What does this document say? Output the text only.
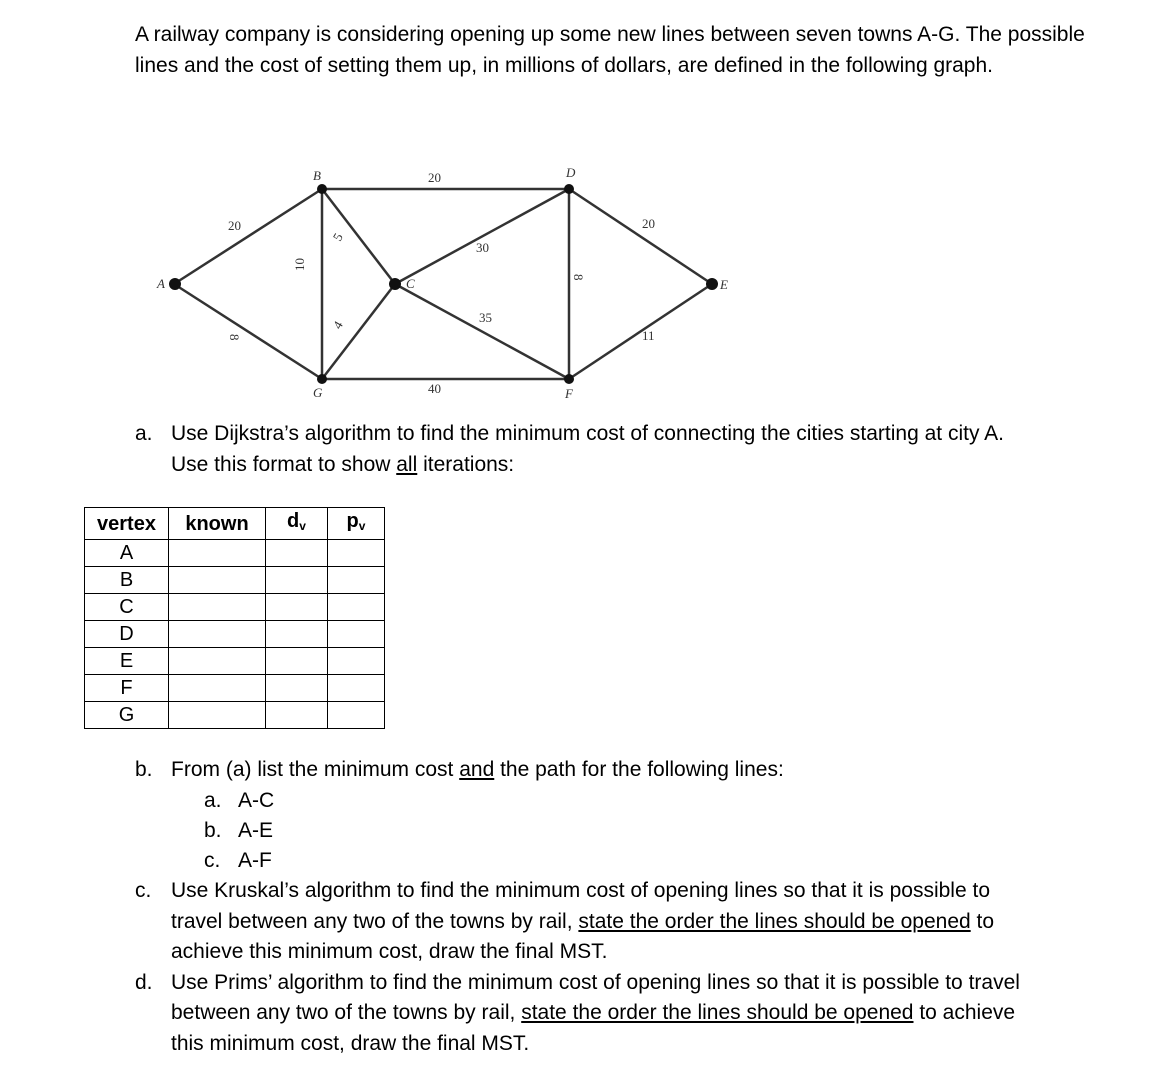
A railway company is considering opening up some new lines between seven towns A-G. The possible lines and the cost of setting them up, in millions of dollars, are defined in the following graph.

A
B
C
D
E
F
G
20
8
10
5
20
30
4	35
8
20
11
40

a. Use Dijkstra’s algorithm to find the minimum cost of connecting the cities starting at city A.

Use this format to show all iterations:

vertex	known	$d_v$	$p_v$
A			
B			
C			
D			
E			
F			
G			

b. From (a) list the minimum cost and the path for the following lines:

a. A-C

b. A-E

c. A-F

c. Use Kruskal’s algorithm to find the minimum cost of opening lines so that it is possible to

travel between any two of the towns by rail, state the order the lines should be opened to

achieve this minimum cost, draw the final MST.

d. Use Prims’ algorithm to find the minimum cost of opening lines so that it is possible to travel

between any two of the towns by rail, state the order the lines should be opened to achieve

this minimum cost, draw the final MST.
